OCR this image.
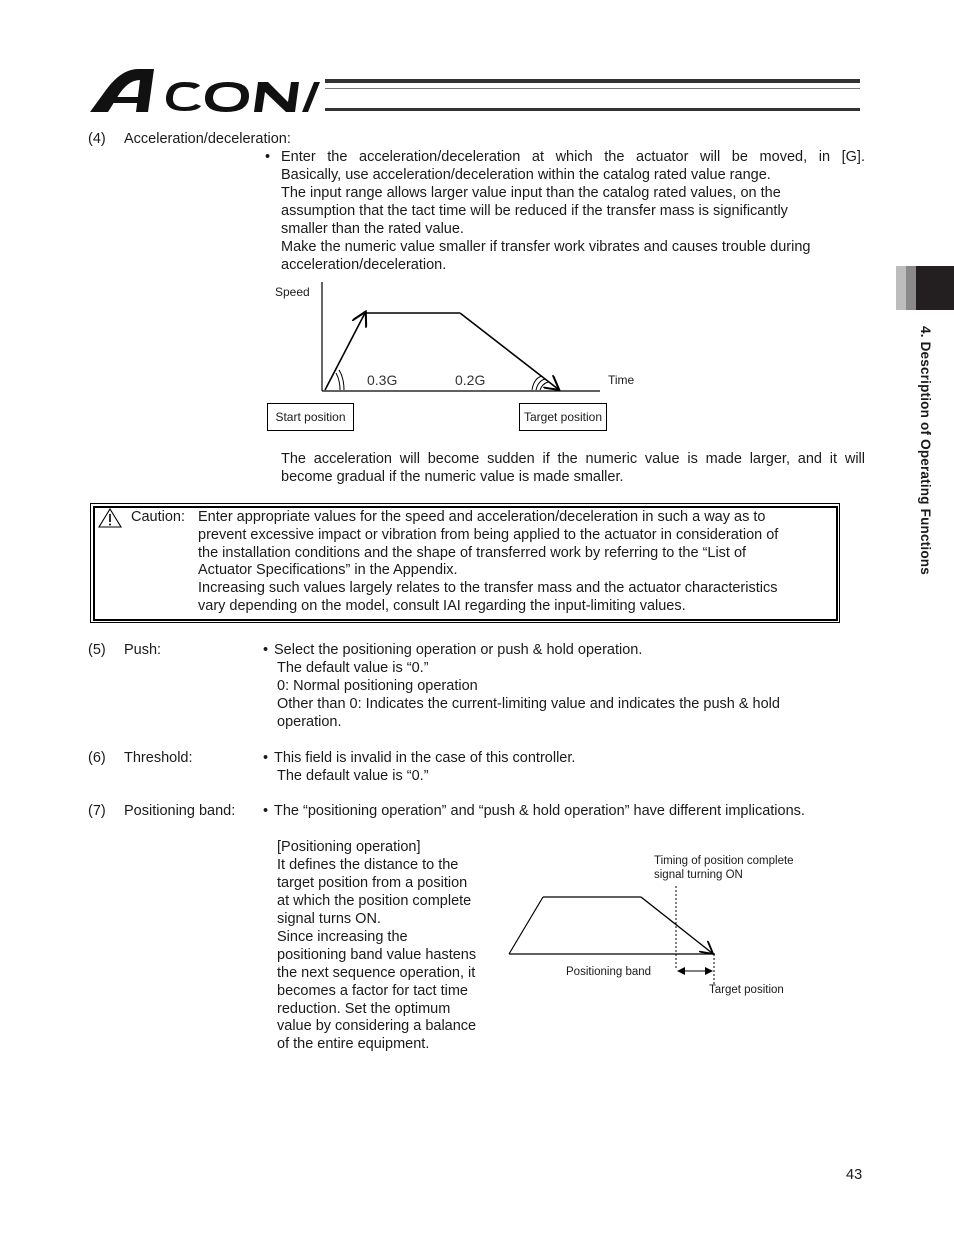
4. Description of Operating Functions
(4) Acceleration/deceleration:
• Enter the acceleration/deceleration at which the actuator will be moved, in [G].
Basically, use acceleration/deceleration within the catalog rated value range.
The input range allows larger value input than the catalog rated values, on the
assumption that the tact time will be reduced if the transfer mass is significantly
smaller than the rated value.
Make the numeric value smaller if transfer work vibrates and causes trouble during
acceleration/deceleration.
Speed
Time
0.3G	0.2G
Start position	Target position
The acceleration will become sudden if the numeric value is made larger, and it will
become gradual if the numeric value is made smaller.
Caution: Enter appropriate values for the speed and acceleration/deceleration in such a way as to
prevent excessive impact or vibration from being applied to the actuator in consideration of
the installation conditions and the shape of transferred work by referring to the “List of
Actuator Specifications” in the Appendix.
Increasing such values largely relates to the transfer mass and the actuator characteristics
vary depending on the model, consult IAI regarding the input-limiting values.
(5) Push:	• Select the positioning operation or push & hold operation.
The default value is “0.”
0: Normal positioning operation
Other than 0: Indicates the current-limiting value and indicates the push & hold
operation.
(6) Threshold:	• This field is invalid in the case of this controller.
The default value is “0.”
(7) Positioning band: • The “positioning operation” and “push & hold operation” have different implications.
[Positioning operation]
It defines the distance to the
target position from a position
at which the position complete
signal turns ON.
Since increasing the
positioning band value hastens
the next sequence operation, it
becomes a factor for tact time
reduction. Set the optimum
value by considering a balance
of the entire equipment.
Timing of position complete
signal turning ON
Positioning band
Target position
43
